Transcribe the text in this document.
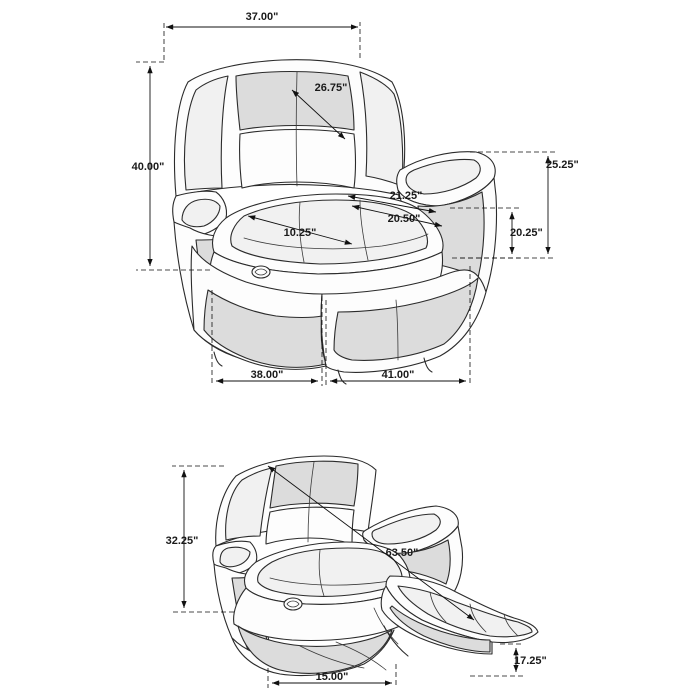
37.00"
40.00"
26.75"
21.25"
20.50"
10.25"
25.25"
20.25"
38.00"	41.00"
32.25"
63.50"
15.00"
17.25"
